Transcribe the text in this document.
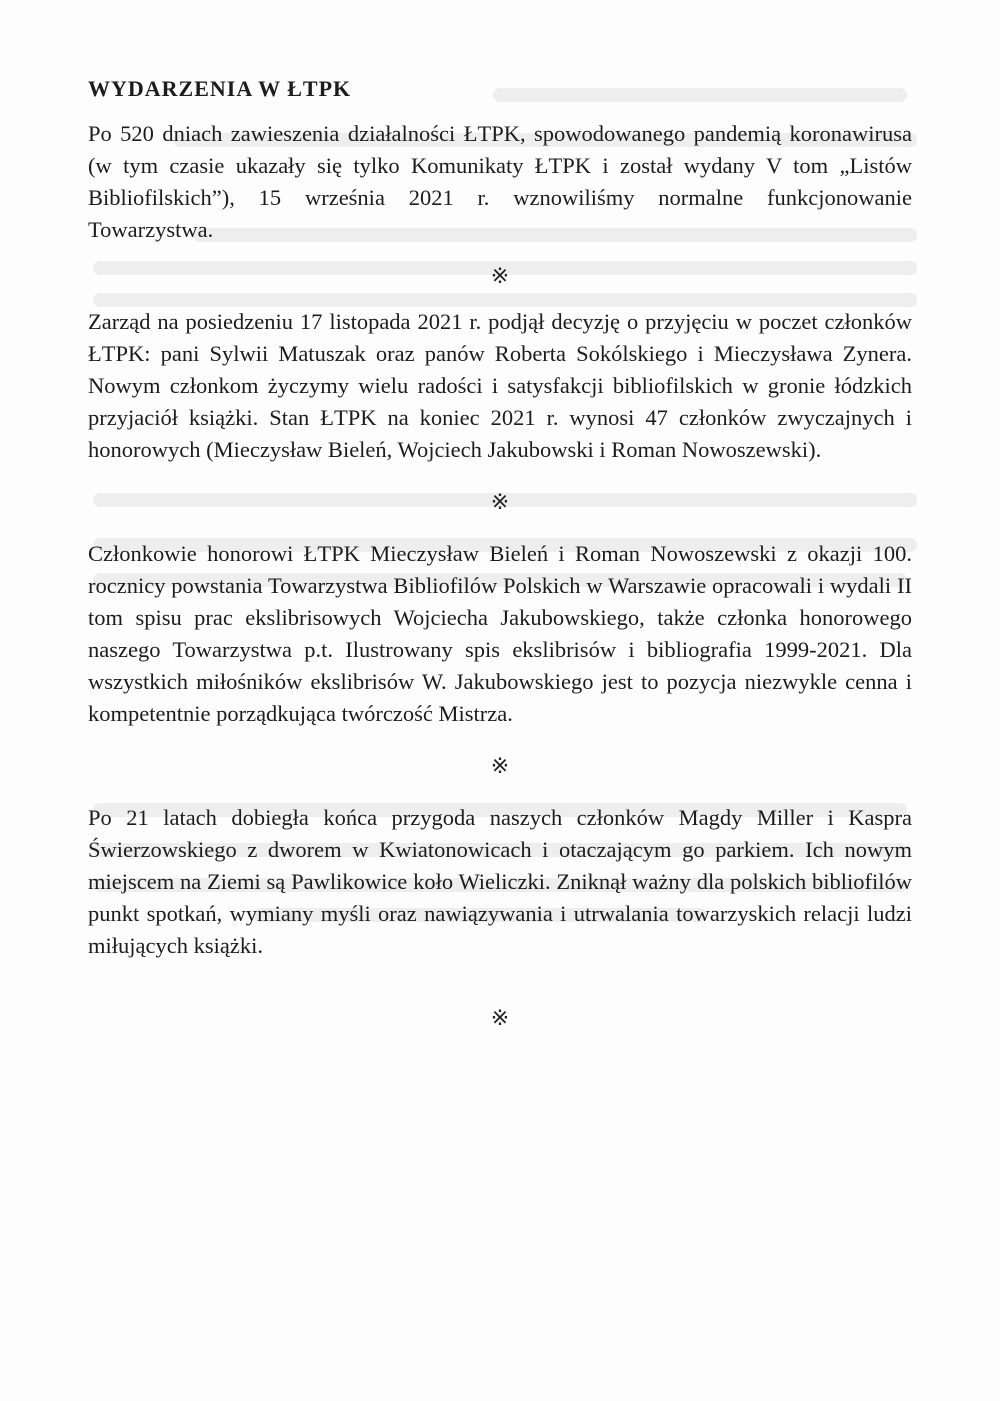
WYDARZENIA W ŁTPK

Po 520 dniach zawieszenia działalności ŁTPK, spowodowanego pandemią koronawirusa (w tym czasie ukazały się tylko Komunikaty ŁTPK i został wydany V tom „Listów Bibliofilskich”), 15 września 2021 r. wznowiliśmy normalne funkcjonowanie Towarzystwa.

※

Zarząd na posiedzeniu 17 listopada 2021 r. podjął decyzję o przyjęciu w poczet członków ŁTPK: pani Sylwii Matuszak oraz panów Roberta Sokólskiego i Mieczysława Zynera. Nowym członkom życzymy wielu radości i satysfakcji bibliofilskich w gronie łódzkich przyjaciół książki. Stan ŁTPK na koniec 2021 r. wynosi 47 członków zwyczajnych i honorowych (Mieczysław Bieleń, Wojciech Jakubowski i Roman Nowoszewski).

※

Członkowie honorowi ŁTPK Mieczysław Bieleń i Roman Nowoszewski z okazji 100. rocznicy powstania Towarzystwa Bibliofilów Polskich w Warszawie opracowali i wydali II tom spisu prac ekslibrisowych Wojciecha Jakubowskiego, także członka honorowego naszego Towarzystwa p.t. Ilustrowany spis ekslibrisów i bibliografia 1999-2021. Dla wszystkich miłośników ekslibrisów W. Jakubowskiego jest to pozycja niezwykle cenna i kompetentnie porządkująca twórczość Mistrza.

※

Po 21 latach dobiegła końca przygoda naszych członków Magdy Miller i Kaspra Świerzowskiego z dworem w Kwiatonowicach i otaczającym go parkiem. Ich nowym miejscem na Ziemi są Pawlikowice koło Wieliczki. Zniknął ważny dla polskich bibliofilów punkt spotkań, wymiany myśli oraz nawiązywania i utrwalania towarzyskich relacji ludzi miłujących książki.

※
